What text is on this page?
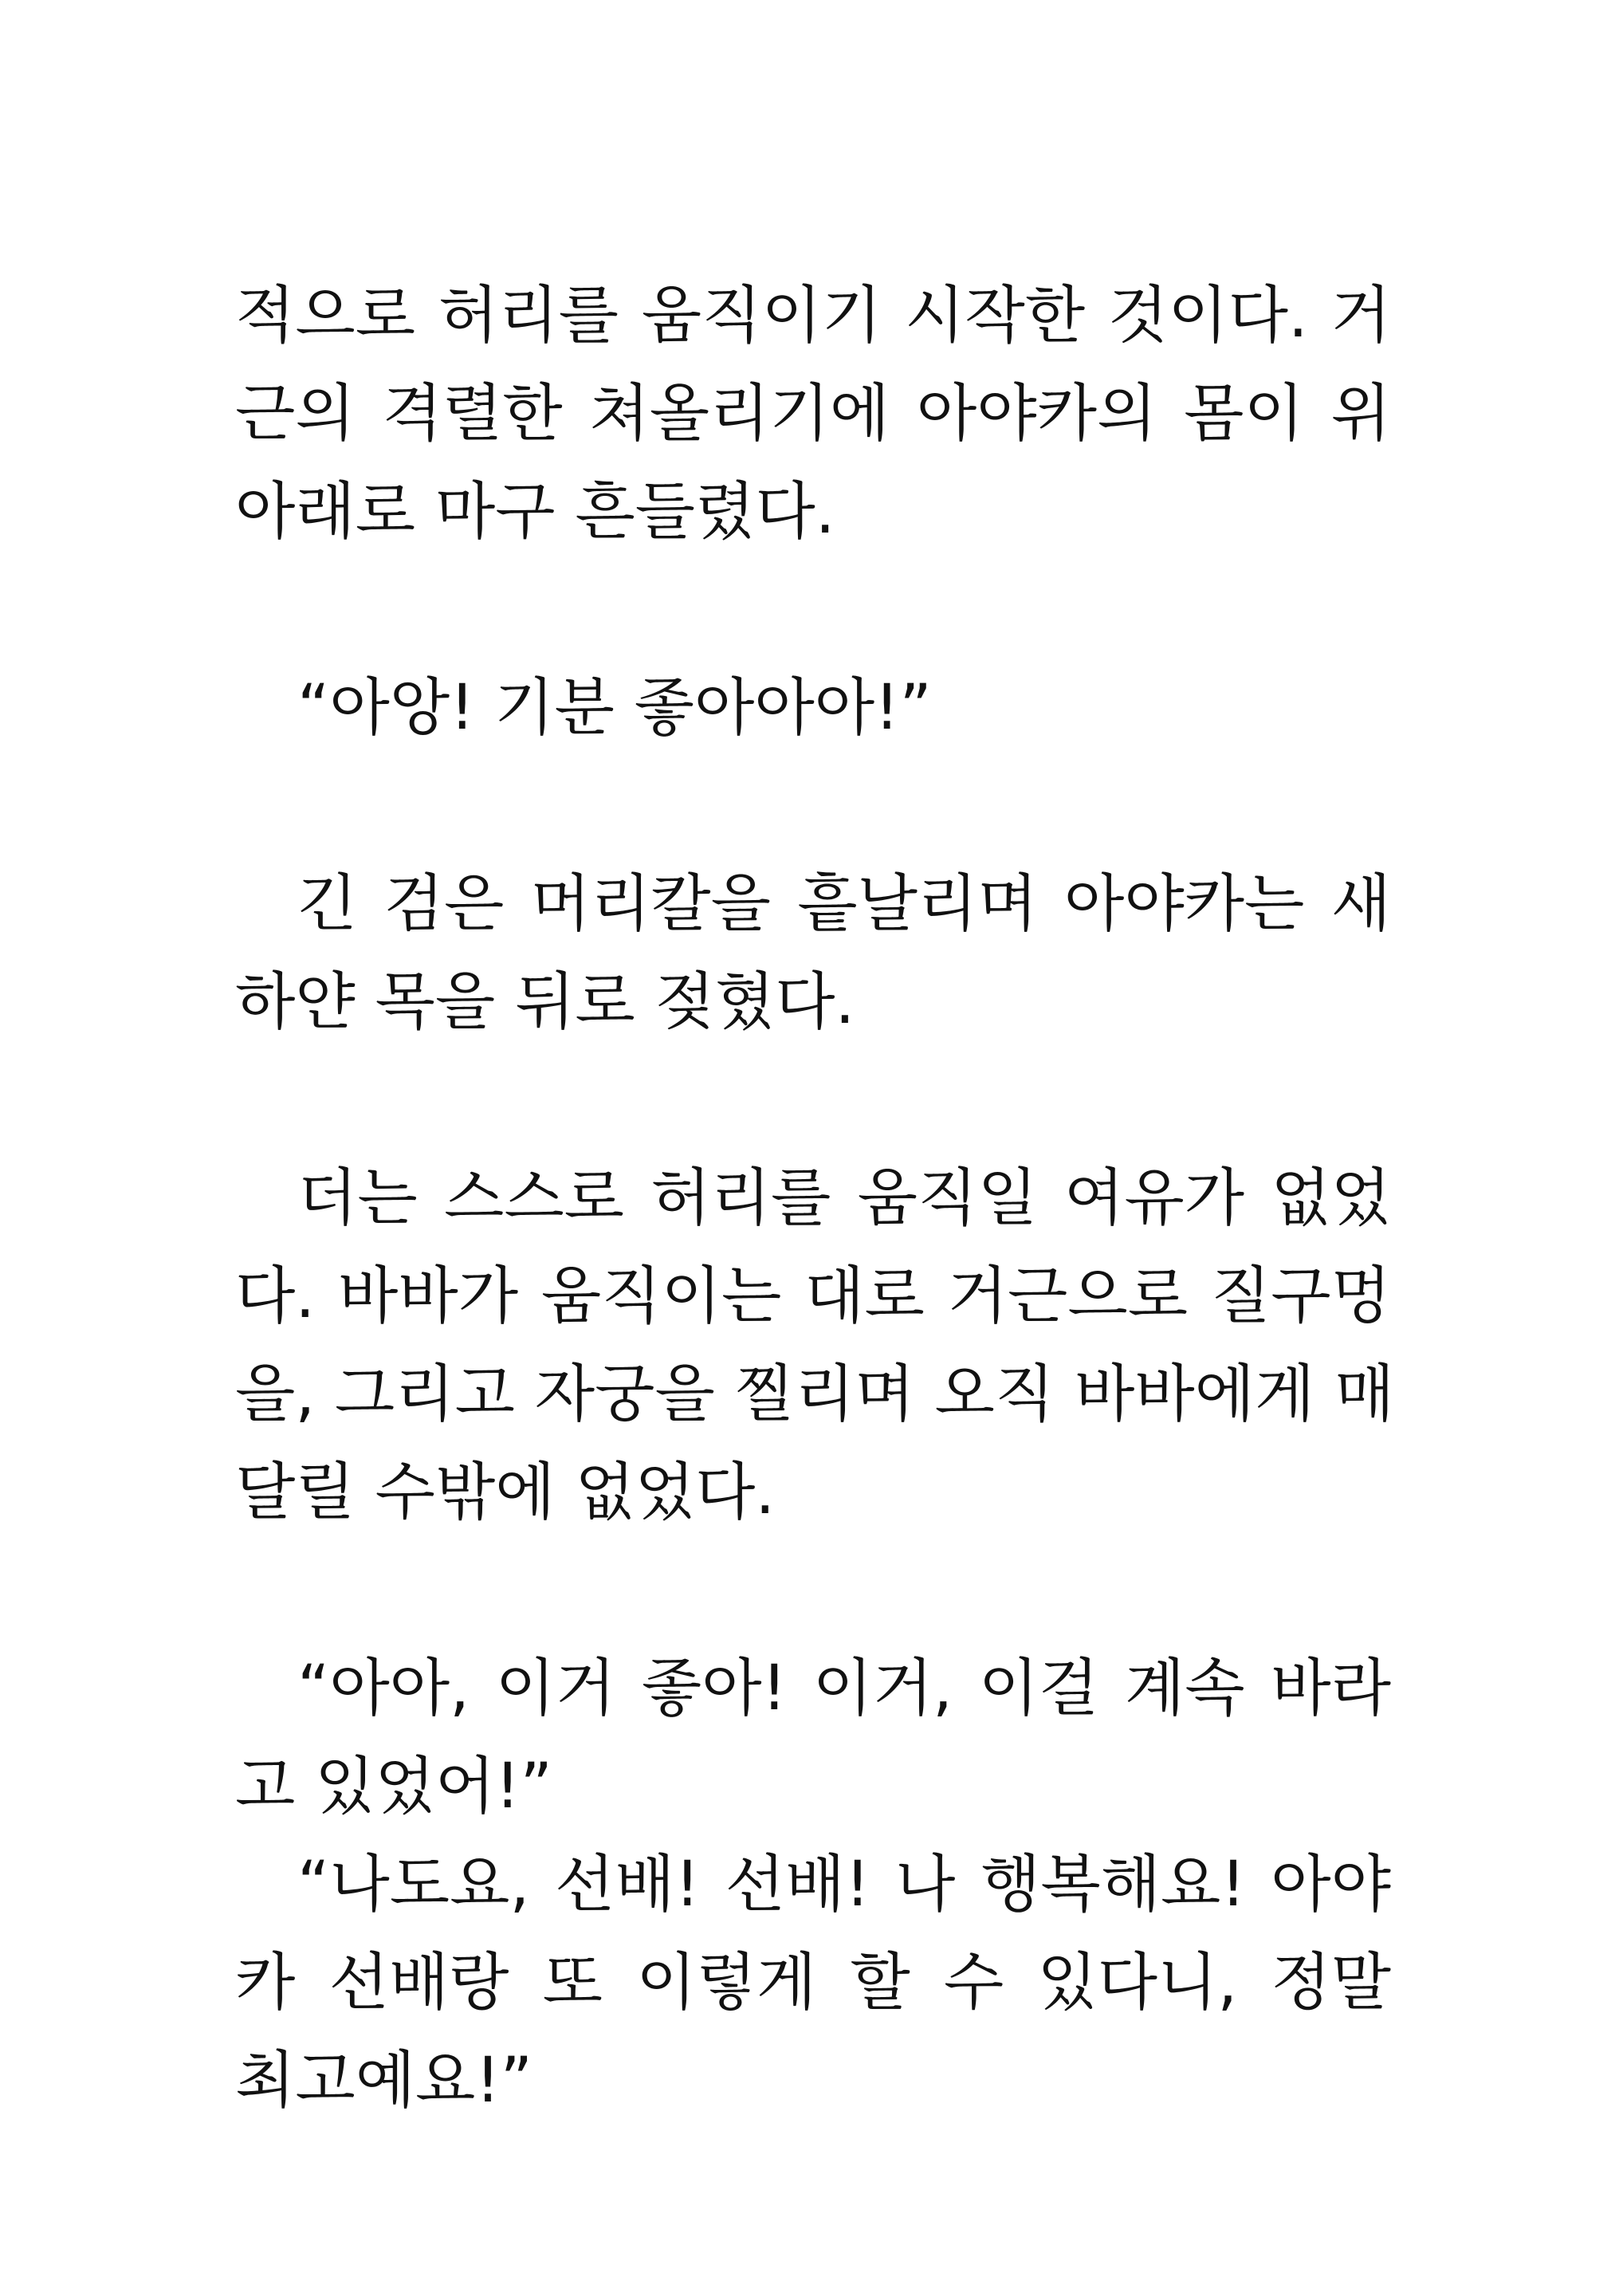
적으로 허리를 움직이기 시작한 것이다. 거
근의 격렬한 쳐올리기에 아야카의 몸이 위
아래로 마구 흔들렸다.
“아앙! 기분 좋아아아!”
긴 검은 머리칼을 흩날리며 아야카는 새
하얀 목을 뒤로 젖혔다.
더는 스스로 허리를 움직일 여유가 없었
다. 바바가 움직이는 대로 거근으로 질구멍
을, 그리고 자궁을 찔리며 오직 바바에게 매
달릴 수밖에 없었다.
“아아, 이거 좋아! 이거, 이걸 계속 바라
고 있었어!”
“나도요, 선배! 선배! 나 행복해요! 아야
카 선배랑 또 이렇게 할 수 있다니, 정말
최고예요!”
